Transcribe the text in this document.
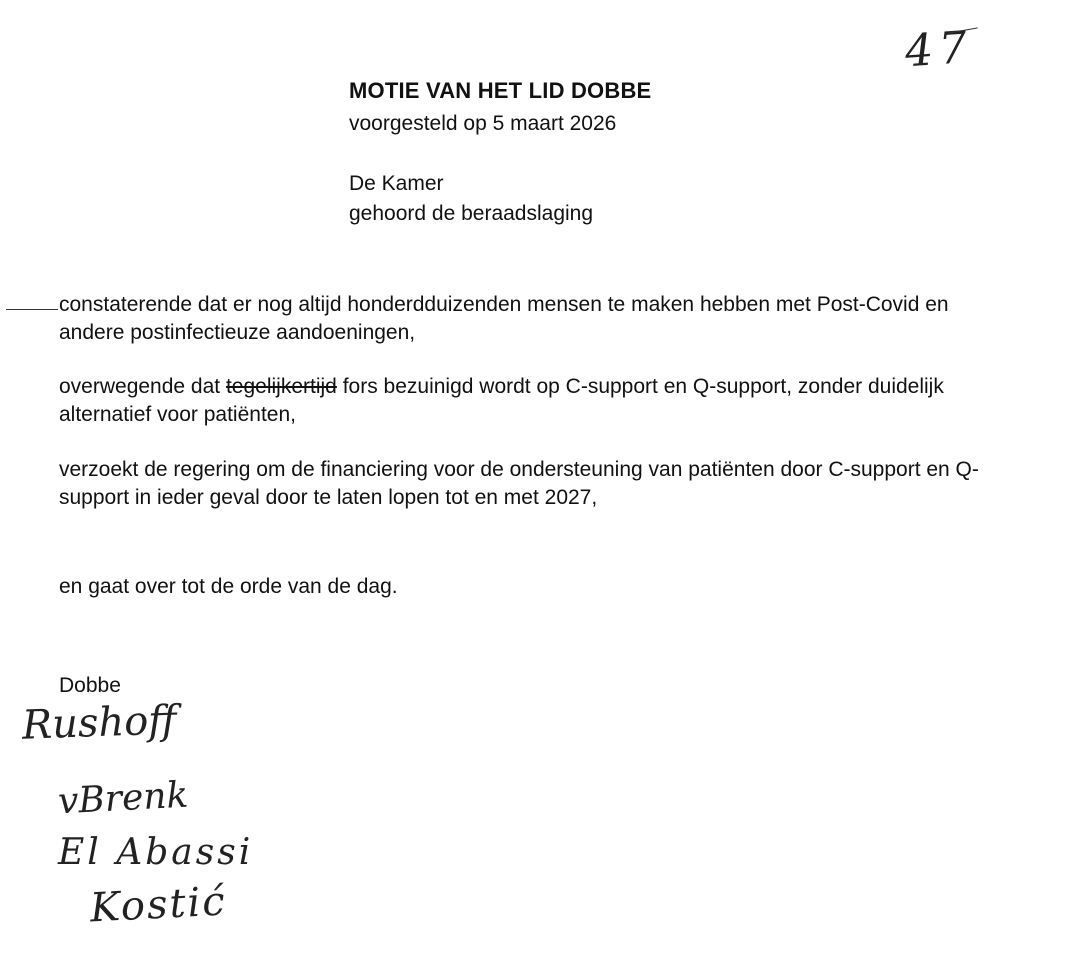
47
MOTIE VAN HET LID DOBBE
voorgesteld op 5 maart 2026
De Kamer
gehoord de beraadslaging
constaterende dat er nog altijd honderdduizenden mensen te maken hebben met Post-Covid en andere postinfectieuze aandoeningen,
overwegende dat tegelijkertijd fors bezuinigd wordt op C-support en Q-support, zonder duidelijk alternatief voor patiënten,
verzoekt de regering om de financiering voor de ondersteuning van patiënten door C-support en Q-support in ieder geval door te laten lopen tot en met 2027,
en gaat over tot de orde van de dag.
Dobbe
Rushoff
vBrenk
El Abassi
Kostić
